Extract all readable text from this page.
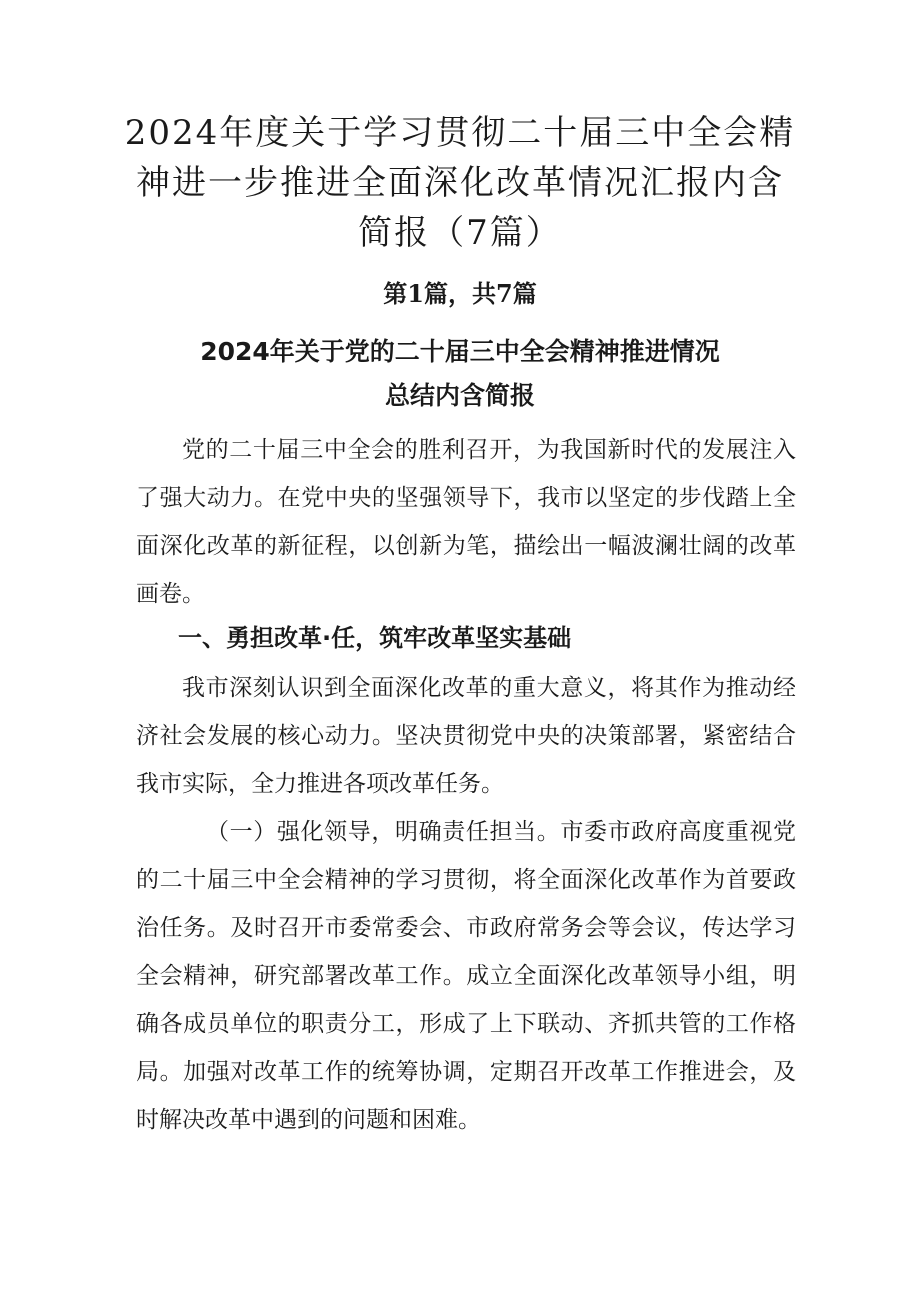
2024年度关于学习贯彻二十届三中全会精
神进一步推进全面深化改革情况汇报内含
简报（7篇）
第1篇，共7篇
2024年关于党的二十届三中全会精神推进情况
总结内含简报

党的二十届三中全会的胜利召开，为我国新时代的发展注入了强大动力。在党中央的坚强领导下，我市以坚定的步伐踏上全面深化改革的新征程，以创新为笔，描绘出一幅波澜壮阔的改革画卷。

一、勇担改革·任，筑牢改革坚实基础

我市深刻认识到全面深化改革的重大意义，将其作为推动经济社会发展的核心动力。坚决贯彻党中央的决策部署，紧密结合我市实际，全力推进各项改革任务。

（一）强化领导，明确责任担当。市委市政府高度重视党的二十届三中全会精神的学习贯彻，将全面深化改革作为首要政治任务。及时召开市委常委会、市政府常务会等会议，传达学习全会精神，研究部署改革工作。成立全面深化改革领导小组，明确各成员单位的职责分工，形成了上下联动、齐抓共管的工作格局。加强对改革工作的统筹协调，定期召开改革工作推进会，及时解决改革中遇到的问题和困难。
